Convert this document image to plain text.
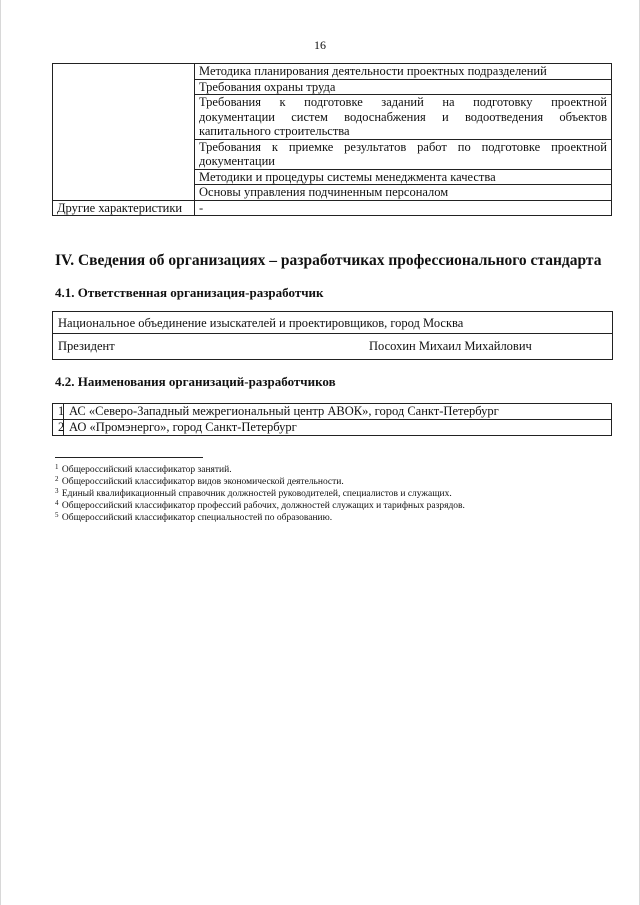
16
	Методика планирования деятельности проектных подразделений
	Требования охраны труда

	Требования к подготовке заданий на подготовку проектной
документации систем водоснабжения и водоотведения объектов
капитального строительства

	Требования к приемке результатов работ по подготовке проектной
документации

	Методики и процедуры системы менеджмента качества
	Основы управления подчиненным персоналом
Другие характеристики	-
IV. Сведения об организациях – разработчиках профессионального стандарта
4.1. Ответственная организация-разработчик
Национальное объединение изыскателей и проектировщиков, город Москва
Президент	Посохин Михаил Михайлович
4.2. Наименования организаций-разработчиков
1	АС «Северо-Западный межрегиональный центр АВОК», город Санкт-Петербург
2	АО «Промэнерго», город Санкт-Петербург
$^1$ Общероссийский классификатор занятий.
$^2$ Общероссийский классификатор видов экономической деятельности.
$^3$ Единый квалификационный справочник должностей руководителей, специалистов и служащих.
$^4$ Общероссийский классификатор профессий рабочих, должностей служащих и тарифных разрядов.
$^5$ Общероссийский классификатор специальностей по образованию.
